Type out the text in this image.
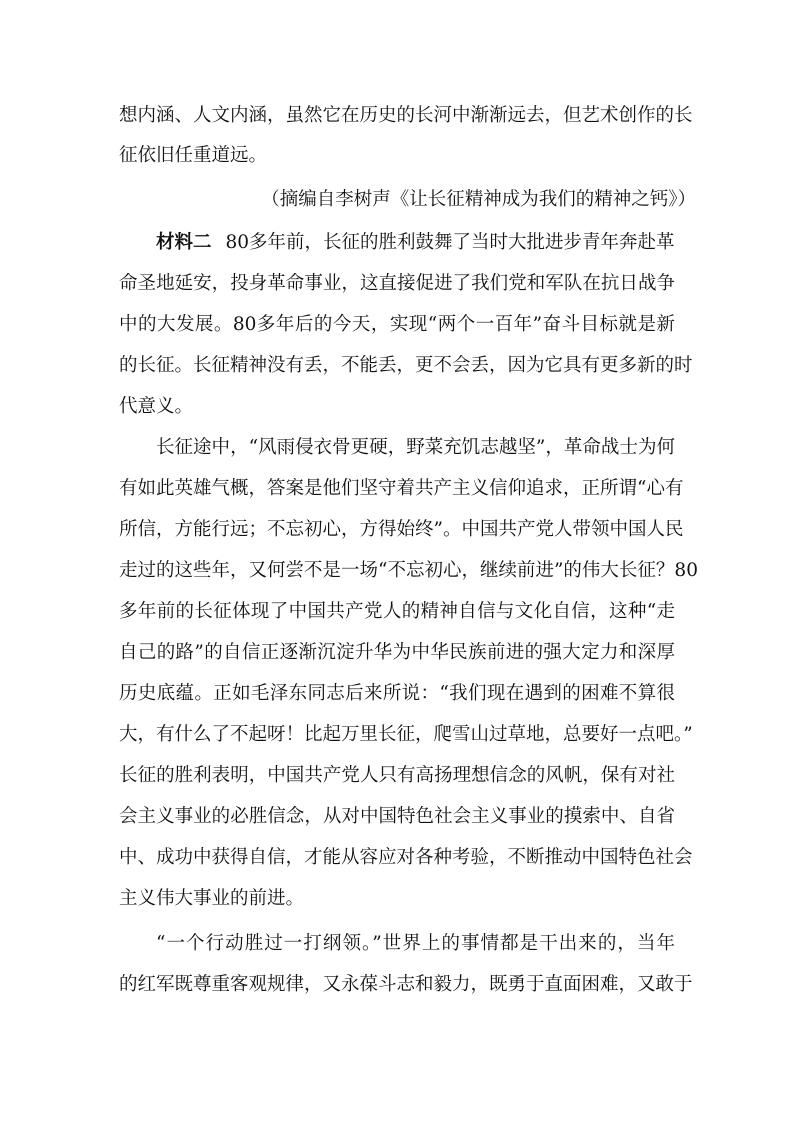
想内涵、人文内涵，虽然它在历史的长河中渐渐远去，但艺术创作的长
征依旧任重道远。
（摘编自李树声《让长征精神成为我们的精神之钙》）
材料二 80多年前，长征的胜利鼓舞了当时大批进步青年奔赴革
命圣地延安，投身革命事业，这直接促进了我们党和军队在抗日战争
中的大发展。80多年后的今天，实现“两个一百年”奋斗目标就是新
的长征。长征精神没有丢，不能丢，更不会丢，因为它具有更多新的时
代意义。
长征途中，“风雨侵衣骨更硬，野菜充饥志越坚”，革命战士为何
有如此英雄气概，答案是他们坚守着共产主义信仰追求，正所谓“心有
所信，方能行远；不忘初心，方得始终”。中国共产党人带领中国人民
走过的这些年，又何尝不是一场“不忘初心，继续前进”的伟大长征？80
多年前的长征体现了中国共产党人的精神自信与文化自信，这种“走
自己的路”的自信正逐渐沉淀升华为中华民族前进的强大定力和深厚
历史底蕴。正如毛泽东同志后来所说：“我们现在遇到的困难不算很
大，有什么了不起呀！比起万里长征，爬雪山过草地，总要好一点吧。”
长征的胜利表明，中国共产党人只有高扬理想信念的风帆，保有对社
会主义事业的必胜信念，从对中国特色社会主义事业的摸索中、自省
中、成功中获得自信，才能从容应对各种考验，不断推动中国特色社会
主义伟大事业的前进。
“一个行动胜过一打纲领。”世界上的事情都是干出来的，当年
的红军既尊重客观规律，又永葆斗志和毅力，既勇于直面困难，又敢于
